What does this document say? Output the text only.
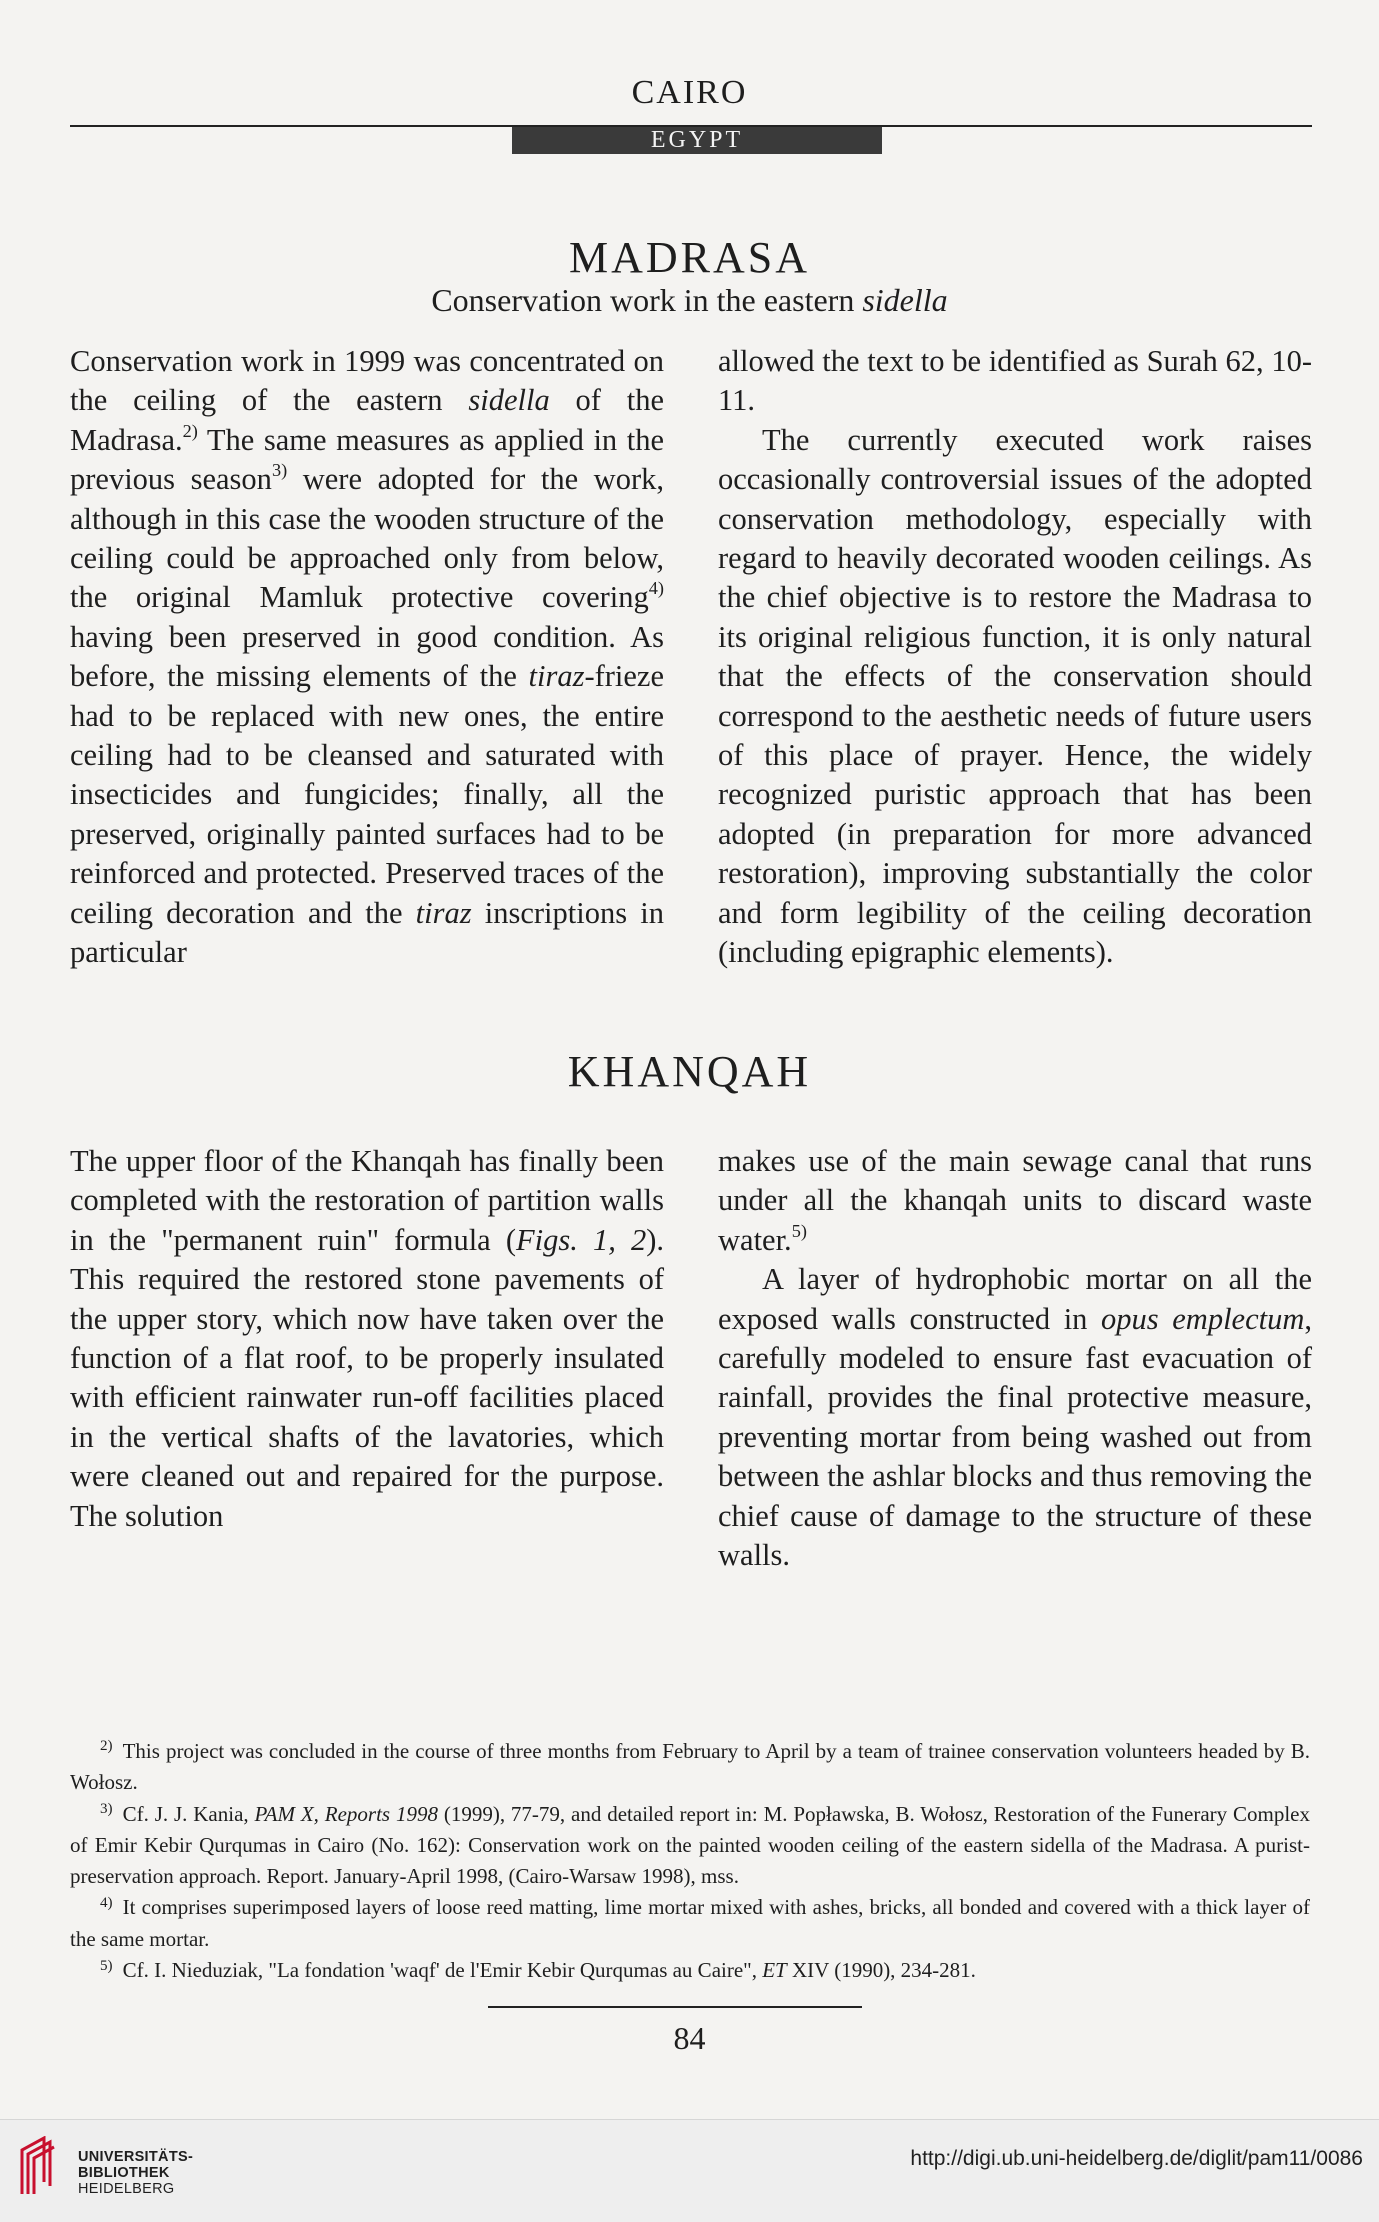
CAIRO
EGYPT
MADRASA
Conservation work in the eastern sidella

Conservation work in 1999 was concentrated on the ceiling of the eastern sidella of the Madrasa.$^{2)}$ The same measures as applied in the previous season$^{3)}$ were adopted for the work, although in this case the wooden structure of the ceiling could be approached only from below, the original Mamluk protective covering$^{4)}$ having been preserved in good condition. As before, the missing elements of the tiraz-frieze had to be replaced with new ones, the entire ceiling had to be cleansed and saturated with insecticides and fungicides; finally, all the preserved, originally painted surfaces had to be reinforced and protected. Preserved traces of the ceiling decoration and the tiraz inscriptions in particular

allowed the text to be identified as Surah 62, 10-11.

The currently executed work raises occasionally controversial issues of the adopted conservation methodology, especially with regard to heavily decorated wooden ceilings. As the chief objective is to restore the Madrasa to its original religious function, it is only natural that the effects of the conservation should correspond to the aesthetic needs of future users of this place of prayer. Hence, the widely recognized puristic approach that has been adopted (in preparation for more advanced restoration), improving substantially the color and form legibility of the ceiling decoration (including epigraphic elements).

KHANQAH

The upper floor of the Khanqah has finally been completed with the restoration of partition walls in the "permanent ruin" formula (Figs. 1, 2). This required the restored stone pavements of the upper story, which now have taken over the function of a flat roof, to be properly insulated with efficient rainwater run-off facilities placed in the vertical shafts of the lavatories, which were cleaned out and repaired for the purpose. The solution

makes use of the main sewage canal that runs under all the khanqah units to discard waste water.$^{5)}$

A layer of hydrophobic mortar on all the exposed walls constructed in opus emplectum, carefully modeled to ensure fast evacuation of rainfall, provides the final protective measure, preventing mortar from being washed out from between the ashlar blocks and thus removing the chief cause of damage to the structure of these walls.

$^{2)}$ This project was concluded in the course of three months from February to April by a team of trainee conservation volunteers headed by B. Wołosz.

$^{3)}$ Cf. J. J. Kania, PAM X, Reports 1998 (1999), 77-79, and detailed report in: M. Popławska, B. Wołosz, Restoration of the Funerary Complex of Emir Kebir Qurqumas in Cairo (No. 162): Conservation work on the painted wooden ceiling of the eastern sidella of the Madrasa. A purist-preservation approach. Report. January-April 1998, (Cairo-Warsaw 1998), mss.

$^{4)}$ It comprises superimposed layers of loose reed matting, lime mortar mixed with ashes, bricks, all bonded and covered with a thick layer of the same mortar.

$^{5)}$ Cf. I. Nieduziak, "La fondation 'waqf' de l'Emir Kebir Qurqumas au Caire", ET XIV (1990), 234-281.

84
UNIVERSITÄTS-
BIBLIOTHEK
HEIDELBERG
http://digi.ub.uni-heidelberg.de/diglit/pam11/0086
